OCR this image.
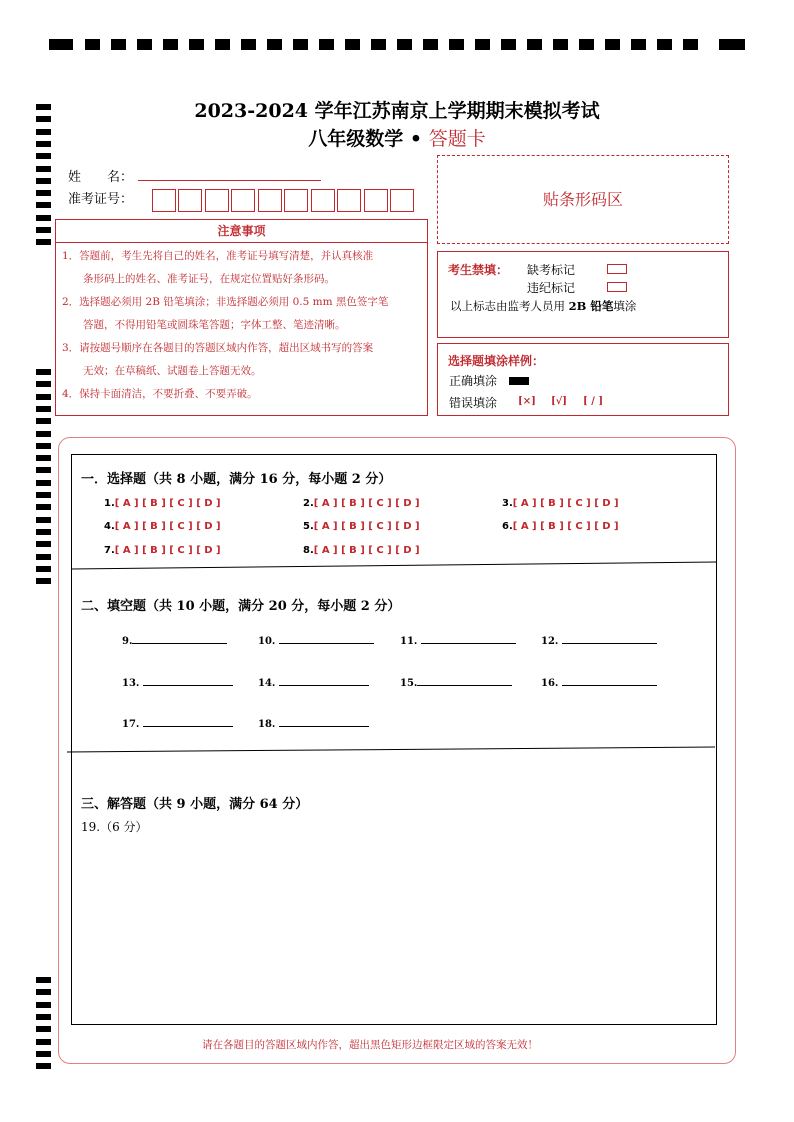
2023-2024 学年江苏南京上学期期末模拟考试
八年级数学 • 答题卡
姓　　名：
准考证号：	贴条形码区
注意事项
1．答题前，考生先将自己的姓名，准考证号填写清楚，并认真核准
　　条形码上的姓名、准考证号，在规定位置贴好条形码。
2．选择题必须用 2B 铅笔填涂；非选择题必须用 0.5 mm 黑色签字笔
　　答题，不得用铅笔或圆珠笔答题；字体工整、笔迹清晰。
3．请按题号顺序在各题目的答题区域内作答，超出区域书写的答案
　　无效；在草稿纸、试题卷上答题无效。
4．保持卡面清洁，不要折叠、不要弄破。
考生禁填： 缺考标记
违纪标记
以上标志由监考人员用 2B 铅笔填涂
选择题填涂样例：
正确填涂
错误填涂 [×] [√] [ / ]
一．选择题（共 8 小题，满分 16 分，每小题 2 分）
1.[ A ] [ B ] [ C ] [ D ]	2.[ A ] [ B ] [ C ] [ D ]	3.[ A ] [ B ] [ C ] [ D ]
4.[ A ] [ B ] [ C ] [ D ]	5.[ A ] [ B ] [ C ] [ D ]	6.[ A ] [ B ] [ C ] [ D ]
7.[ A ] [ B ] [ C ] [ D ]	8.[ A ] [ B ] [ C ] [ D ]
二、填空题（共 10 小题，满分 20 分，每小题 2 分）
9.	10.	11.	12.
13.	14.	15.	16.
17.	18.
三、解答题（共 9 小题，满分 64 分）
19.（6 分）
请在各题目的答题区域内作答，超出黑色矩形边框限定区域的答案无效！
